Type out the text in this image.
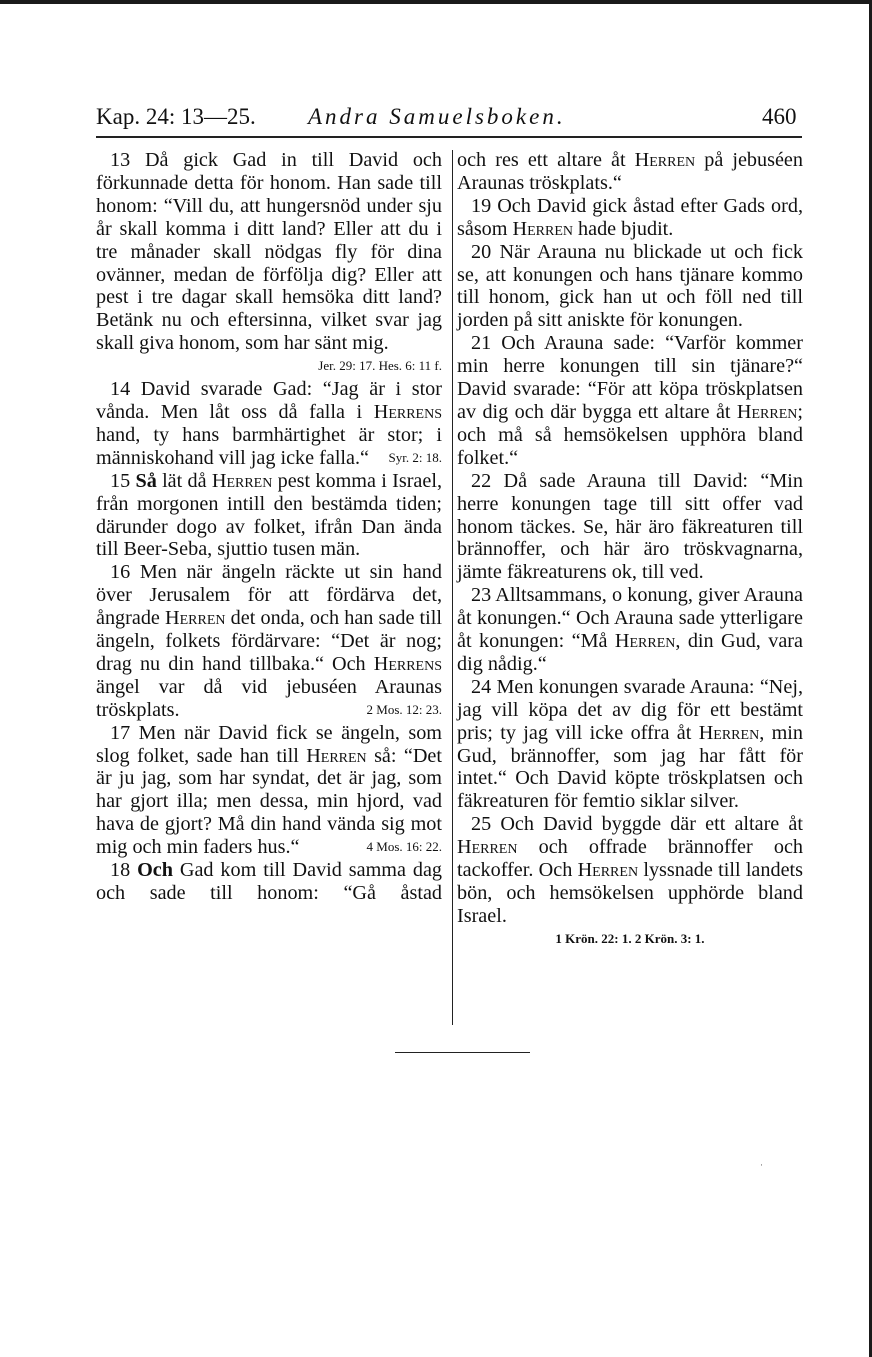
Kap. 24: 13—25. Andra Samuelsboken.	460

13 Då gick Gad in till David och förkunnade detta för honom. Han sade till honom: “Vill du, att hungersnöd under sju år skall komma i ditt land? Eller att du i tre månader skall nödgas fly för dina ovänner, medan de förfölja dig? Eller att pest i tre dagar skall hemsöka ditt land? Betänk nu och eftersinna, vilket svar jag skall giva honom, som har sänt mig.

Jer. 29: 17. Hes. 6: 11 f.

14 David svarade Gad: “Jag är i stor vånda. Men låt oss då falla i Herrens hand, ty hans barmhärtighet är stor; i människohand vill jag icke falla.“	Syr. 2: 18.

15 Så lät då Herren pest komma i Israel, från morgonen intill den bestämda tiden; därunder dogo av folket, ifrån Dan ända till Beer-Seba, sjuttio tusen män.

16 Men när ängeln räckte ut sin hand över Jerusalem för att fördärva det, ångrade Herren det onda, och han sade till ängeln, folkets fördärvare: “Det är nog; drag nu din hand tillbaka.“ Och Herrens ängel var då vid jebuséen Araunas tröskplats.	2 Mos. 12: 23.

17 Men när David fick se ängeln, som slog folket, sade han till Herren så: “Det är ju jag, som har syndat, det är jag, som har gjort illa; men dessa, min hjord, vad hava de gjort? Må din hand vända sig mot mig och min faders hus.“	4 Mos. 16: 22.

18 Och Gad kom till David samma dag och sade till honom: “Gå åstad

och res ett altare åt Herren på jebuséen Araunas tröskplats.“

19 Och David gick åstad efter Gads ord, såsom Herren hade bjudit.

20 När Arauna nu blickade ut och fick se, att konungen och hans tjänare kommo till honom, gick han ut och föll ned till jorden på sitt aniskte för konungen.

21 Och Arauna sade: “Varför kommer min herre konungen till sin tjänare?“ David svarade: “För att köpa tröskplatsen av dig och där bygga ett altare åt Herren; och må så hemsökelsen upphöra bland folket.“

22 Då sade Arauna till David: “Min herre konungen tage till sitt offer vad honom täckes. Se, här äro fäkreaturen till brännoffer, och här äro tröskvagnarna, jämte fäkreaturens ok, till ved.

23 Alltsammans, o konung, giver Arauna åt konungen.“ Och Arauna sade ytterligare åt konungen: “Må Herren, din Gud, vara dig nådig.“

24 Men konungen svarade Arauna: “Nej, jag vill köpa det av dig för ett bestämt pris; ty jag vill icke offra åt Herren, min Gud, brännoffer, som jag har fått för intet.“ Och David köpte tröskplatsen och fäkreaturen för femtio siklar silver.

25 Och David byggde där ett altare åt Herren och offrade brännoffer och tackoffer. Och Herren lyssnade till landets bön, och hemsökelsen upphörde bland Israel.

1 Krön. 22: 1. 2 Krön. 3: 1.

·
